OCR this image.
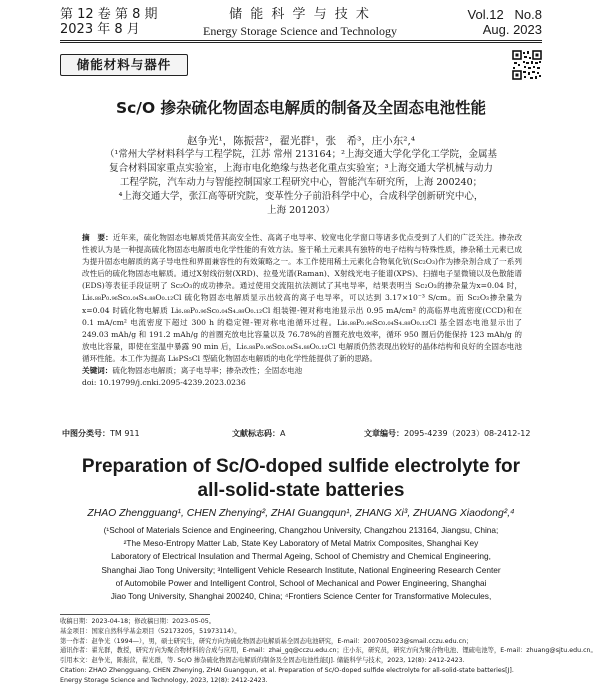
第 12 卷 第 8 期
2023 年 8 月
储 能 科 学 与 技 术
Energy Storage Science and Technology
Vol.12   No.8
Aug. 2023
储能材料与器件
Sc/O 掺杂硫化物固态电解质的制备及全固态电池性能
赵争光¹，陈振营²，翟光群¹，张　希³，庄小东²,⁴
（¹常州大学材料科学与工程学院，江苏 常州 213164；²上海交通大学化学化工学院，金属基
复合材料国家重点实验室，上海市电化绝缘与热老化重点实验室；³上海交通大学机械与动力
工程学院，汽车动力与智能控制国家工程研究中心，智能汽车研究所，上海 200240；
⁴上海交通大学，张江高等研究院，变革性分子前沿科学中心，合成科学创新研究中心，
上海 201203）
摘　要：近年来，硫化物固态电解质凭借其高安全性、高离子电导率、较宽电化学窗口等诸多优点受到了人们的广泛关注。掺杂改性被认为是一种提高硫化物固态电解质电化学性能的有效方法。鉴于稀土元素具有独特的电子结构与特殊性质，掺杂稀土元素已成为提升固态电解质的离子导电性和界面兼容性的有效策略之一。本工作使用稀土元素化合物氧化钪(Sc₂O₃)作为掺杂剂合成了一系列改性后的硫化物固态电解质。通过X射线衍射(XRD)、拉曼光谱(Raman)、X射线光电子能谱(XPS)、扫描电子显微镜以及色散能谱(EDS)等表征手段证明了 Sc₂O₃的成功掺杂。通过使用交流阻抗法测试了其电导率，结果表明当 Sc₂O₃的掺杂量为x=0.04 时，Li₆.₈₈P₀.₉₆Sc₀.₀₄S₄.₈₈O₀.₁₂Cl 硫化物固态电解质显示出较高的离子电导率，可以达到 3.17×10⁻³ S/cm。而 Sc₂O₃掺杂量为x=0.04 时硫化物电解质 Li₆.₈₈P₀.₉₆Sc₀.₀₄S₄.₈₈O₀.₁₂Cl 组装锂-锂对称电池显示出 0.95 mA/cm² 的高临界电流密度(CCD)和在 0.1 mA/cm² 电流密度下超过 300 h 的稳定锂-锂对称电池循环过程。Li₆.₈₈P₀.₉₆Sc₀.₀₄S₄.₈₈O₀.₁₂Cl 基全固态电池显示出了 249.03 mAh/g 和 191.2 mAh/g 的首圈充放电比容量以及 76.78%的首圈充放电效率，循环 950 圈后仍能保持 123 mAh/g 的放电比容量，即使在室温中暴露 90 min 后，Li₆.₈₈P₀.₉₆Sc₀.₀₄S₄.₈₈O₀.₁₂Cl 电解质仍然表现出较好的晶体结构和良好的全固态电池循环性能。本工作为提高 Li₆PS₅Cl 型硫化物固态电解质的电化学性能提供了新的思路。
关键词：硫化物固态电解质；离子电导率；掺杂改性；全固态电池
doi: 10.19799/j.cnki.2095-4239.2023.0236
中图分类号：TM 911	文献标志码：A	文章编号：2095-4239（2023）08-2412-12
Preparation of Sc/O-doped sulfide electrolyte for
all-solid-state batteries
ZHAO Zhengguang¹, CHEN Zhenying², ZHAI Guangqun¹, ZHANG Xi³, ZHUANG Xiaodong²,⁴
(¹School of Materials Science and Engineering, Changzhou University, Changzhou 213164, Jiangsu, China;
²The Meso-Entropy Matter Lab, State Key Laboratory of Metal Matrix Composites, Shanghai Key
Laboratory of Electrical Insulation and Thermal Ageing, School of Chemistry and Chemical Engineering,
Shanghai Jiao Tong University; ³Intelligent Vehicle Research Institute, National Engineering Research Center
of Automobile Power and Intelligent Control, School of Mechanical and Power Engineering, Shanghai
Jiao Tong University, Shanghai 200240, China; ⁴Frontiers Science Center for Transformative Molecules,
收稿日期：2023-04-18；修改稿日期：2023-05-05。
基金项目：国家自然科学基金项目（52173205，51973114）。
第一作者：赵争光（1994—），男，硕士研究生，研究方向为硫化物固态电解质基全固态电池研究，E-mail：2007005023@smail.cczu.edu.cn；
通讯作者：翟光群，教授，研究方向为聚合物材料的合成与应用，E-mail：zhai_gq@cczu.edu.cn；庄小东，研究员，研究方向为聚合物电池、锂硫电池等，E-mail：zhuang@sjtu.edu.cn。
引用本文：赵争光，陈振营，翟光群，等. Sc/O 掺杂硫化物固态电解质的制备及全固态电池性能[J]. 储能科学与技术，2023, 12(8): 2412-2423.
Citation: ZHAO Zhengguang, CHEN Zhenying, ZHAI Guangqun, et al. Preparation of Sc/O-doped sulfide electrolyte for all-solid-state batteries[J].
Energy Storage Science and Technology, 2023, 12(8): 2412-2423.
